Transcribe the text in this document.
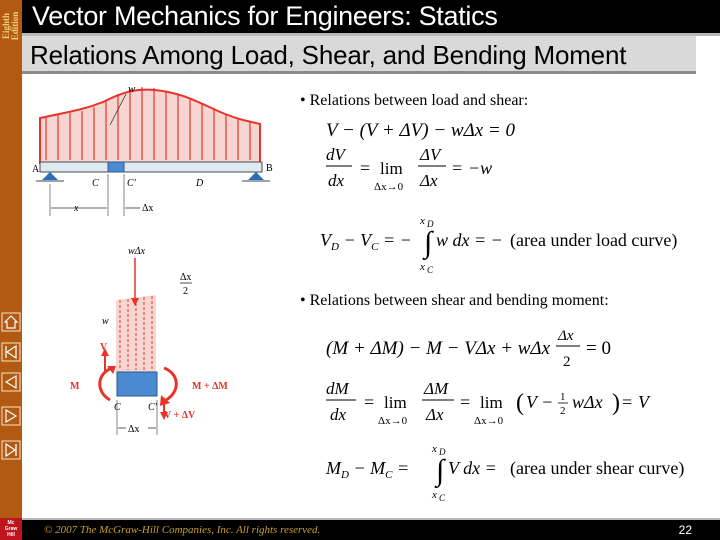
Eighth Edition
Mc
Graw
Hill
Vector Mechanics for Engineers: Statics
Relations Among Load, Shear, and Bending Moment
w
A	B
C	C′	D
x	Δx
wΔx
Δx
2
w
V
M	M + ΔM
V + ΔV
C	C′
Δx
• Relations between load and shear:
• Relations between shear and bending moment:
V − (V + ΔV) − wΔx = 0
dV
dx
= lim
Δx→0
ΔV
Δx
= −w
x D
$V_D - V_C$ = − ∫ w dx = − (area under load curve)
x C
(M + ΔM) − M − VΔx + wΔx
Δx
2
= 0
dM
dx
= lim
Δx→0
ΔM
Δx
= lim
Δx→0
( V − 1
2 wΔx ) = V
x D
$M_D - M_C$ = ∫ V dx = (area under shear curve)
x C
© 2007 The McGraw-Hill Companies, Inc. All rights reserved.	22
